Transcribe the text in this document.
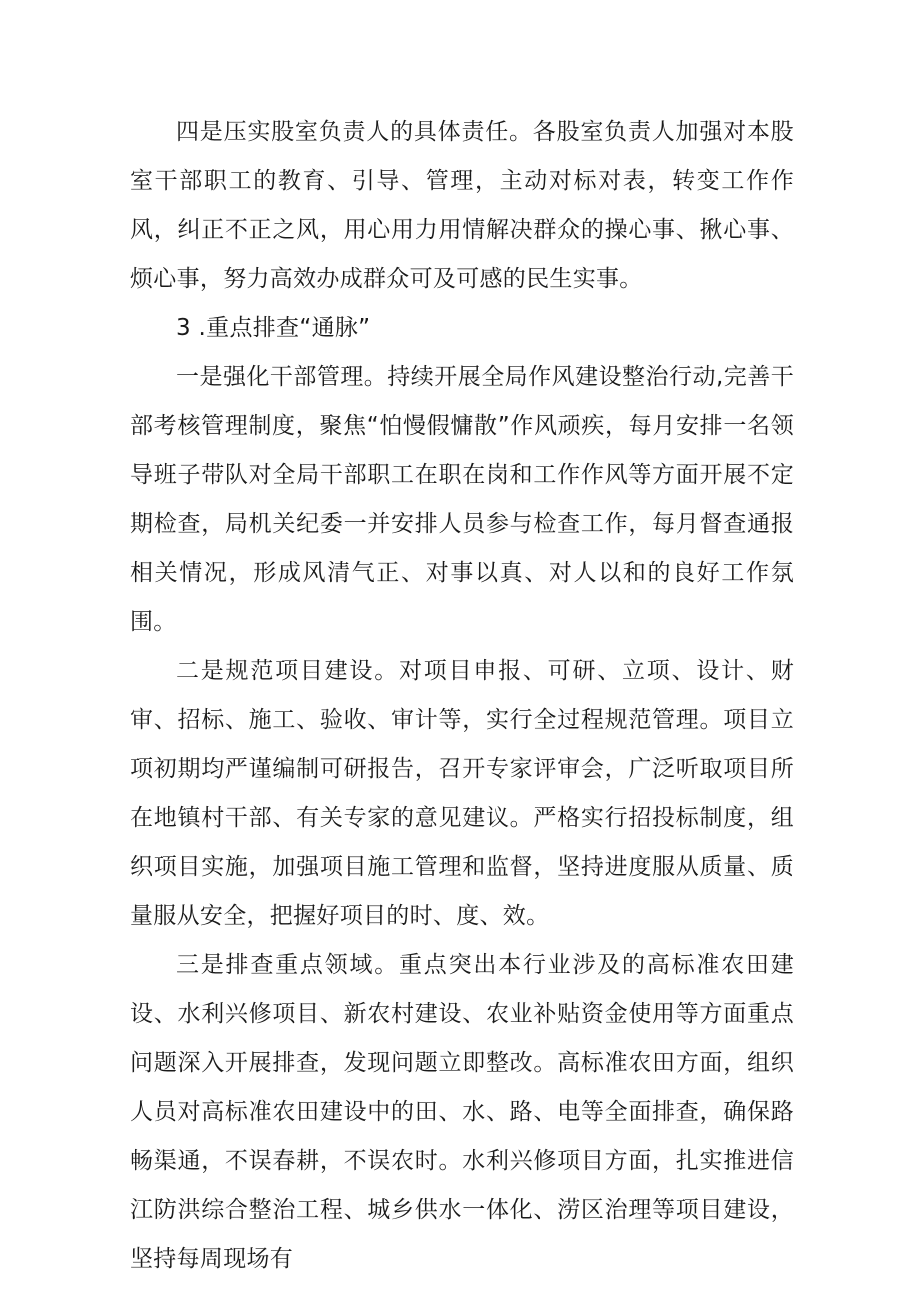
四是压实股室负责人的具体责任。各股室负责人加强对本股室干部职工的教育、引导、管理，主动对标对表，转变工作作风，纠正不正之风，用心用力用情解决群众的操心事、揪心事、烦心事，努力高效办成群众可及可感的民生实事。

3 .重点排查“通脉”

一是强化干部管理。持续开展全局作风建设整治行动,完善干部考核管理制度，聚焦“怕慢假慵散”作风顽疾，每月安排一名领导班子带队对全局干部职工在职在岗和工作作风等方面开展不定期检查，局机关纪委一并安排人员参与检查工作，每月督查通报相关情况，形成风清气正、对事以真、对人以和的良好工作氛围。

二是规范项目建设。对项目申报、可研、立项、设计、财审、招标、施工、验收、审计等，实行全过程规范管理。项目立项初期均严谨编制可研报告，召开专家评审会，广泛听取项目所在地镇村干部、有关专家的意见建议。严格实行招投标制度，组织项目实施，加强项目施工管理和监督，坚持进度服从质量、质量服从安全，把握好项目的时、度、效。

三是排查重点领域。重点突出本行业涉及的高标准农田建设、水利兴修项目、新农村建设、农业补贴资金使用等方面重点问题深入开展排查，发现问题立即整改。高标准农田方面，组织人员对高标准农田建设中的田、水、路、电等全面排查，确保路畅渠通，不误春耕，不误农时。水利兴修项目方面，扎实推进信江防洪综合整治工程、城乡供水一体化、涝区治理等项目建设，坚持每周现场有
